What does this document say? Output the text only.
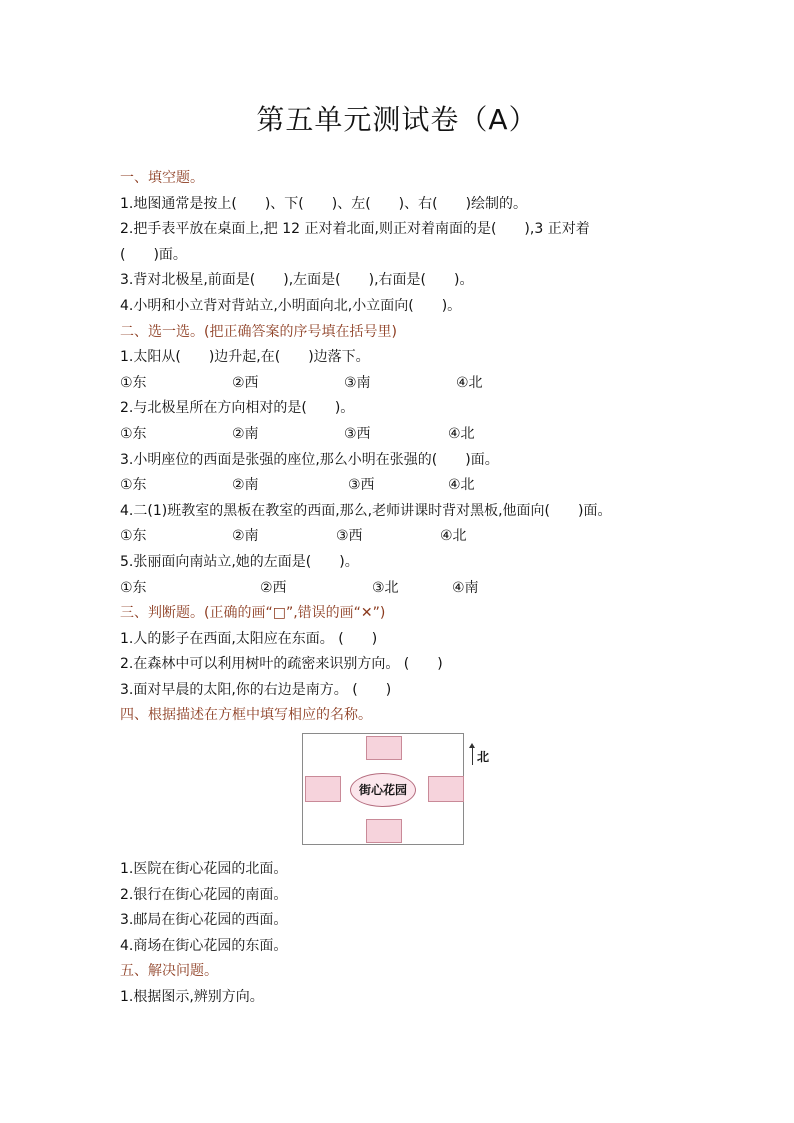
第五单元测试卷（A）
一、填空题。
1.地图通常是按上(　　)、下(　　)、左(　　)、右(　　)绘制的。
2.把手表平放在桌面上,把 12 正对着北面,则正对着南面的是(　　),3 正对着
(　　)面。
3.背对北极星,前面是(　　),左面是(　　),右面是(　　)。
4.小明和小立背对背站立,小明面向北,小立面向(　　)。
二、选一选。(把正确答案的序号填在括号里)
1.太阳从(　　)边升起,在(　　)边落下。
①东	②西	③南	④北
2.与北极星所在方向相对的是(　　)。
①东	②南	③西	④北
3.小明座位的西面是张强的座位,那么小明在张强的(　　)面。
①东	②南	③西	④北
4.二(1)班教室的黑板在教室的西面,那么,老师讲课时背对黑板,他面向(　　)面。
①东	②南	③西	④北
5.张丽面向南站立,她的左面是(　　)。
①东	②西	③北	④南
三、判断题。(正确的画“□”,错误的画“✕”)
1.人的影子在西面,太阳应在东面。 (　　)
2.在森林中可以利用树叶的疏密来识别方向。 (　　)
3.面对早晨的太阳,你的右边是南方。 (　　)
四、根据描述在方框中填写相应的名称。
街心花园
北
1.医院在街心花园的北面。
2.银行在街心花园的南面。
3.邮局在街心花园的西面。
4.商场在街心花园的东面。
五、解决问题。
1.根据图示,辨别方向。
